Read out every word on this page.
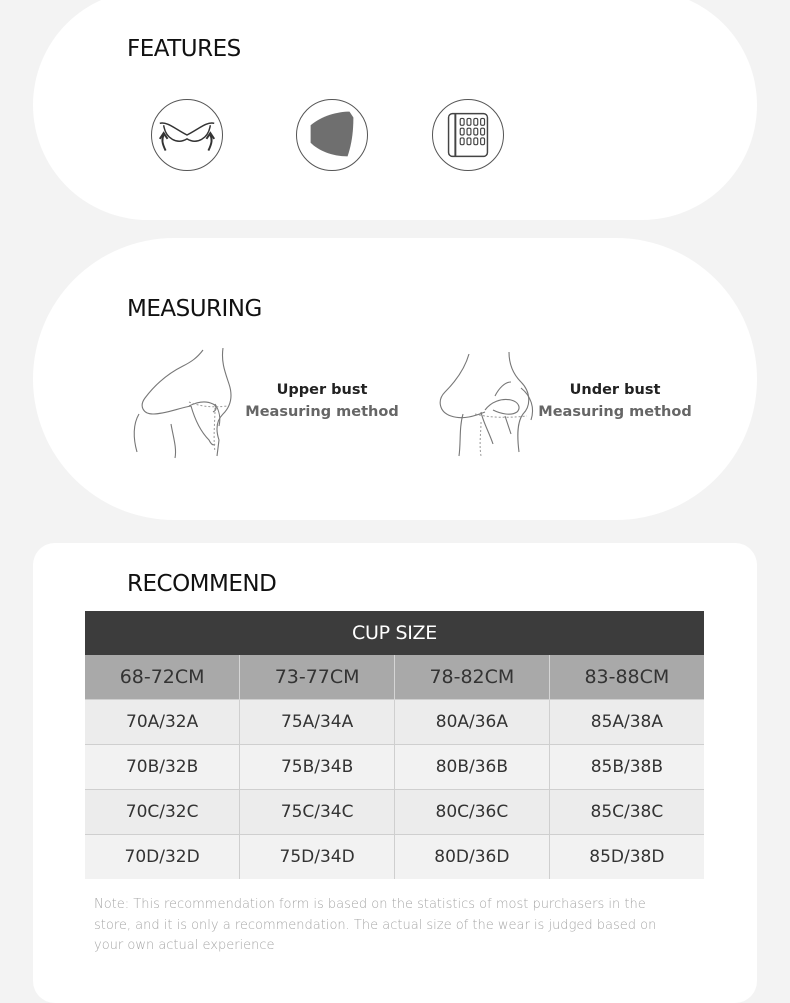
FEATURES
MEASURING
Upper bust
Measuring method
Under bust
Measuring method
RECOMMEND
CUP SIZE			
68-72CM	73-77CM	78-82CM	83-88CM
70A/32A	75A/34A	80A/36A	85A/38A
70B/32B	75B/34B	80B/36B	85B/38B
70C/32C	75C/34C	80C/36C	85C/38C
70D/32D	75D/34D	80D/36D	85D/38D
Note: This recommendation form is based on the statistics of most purchasers in the store, and it is only a recommendation. The actual size of the wear is judged based on your own actual experience
